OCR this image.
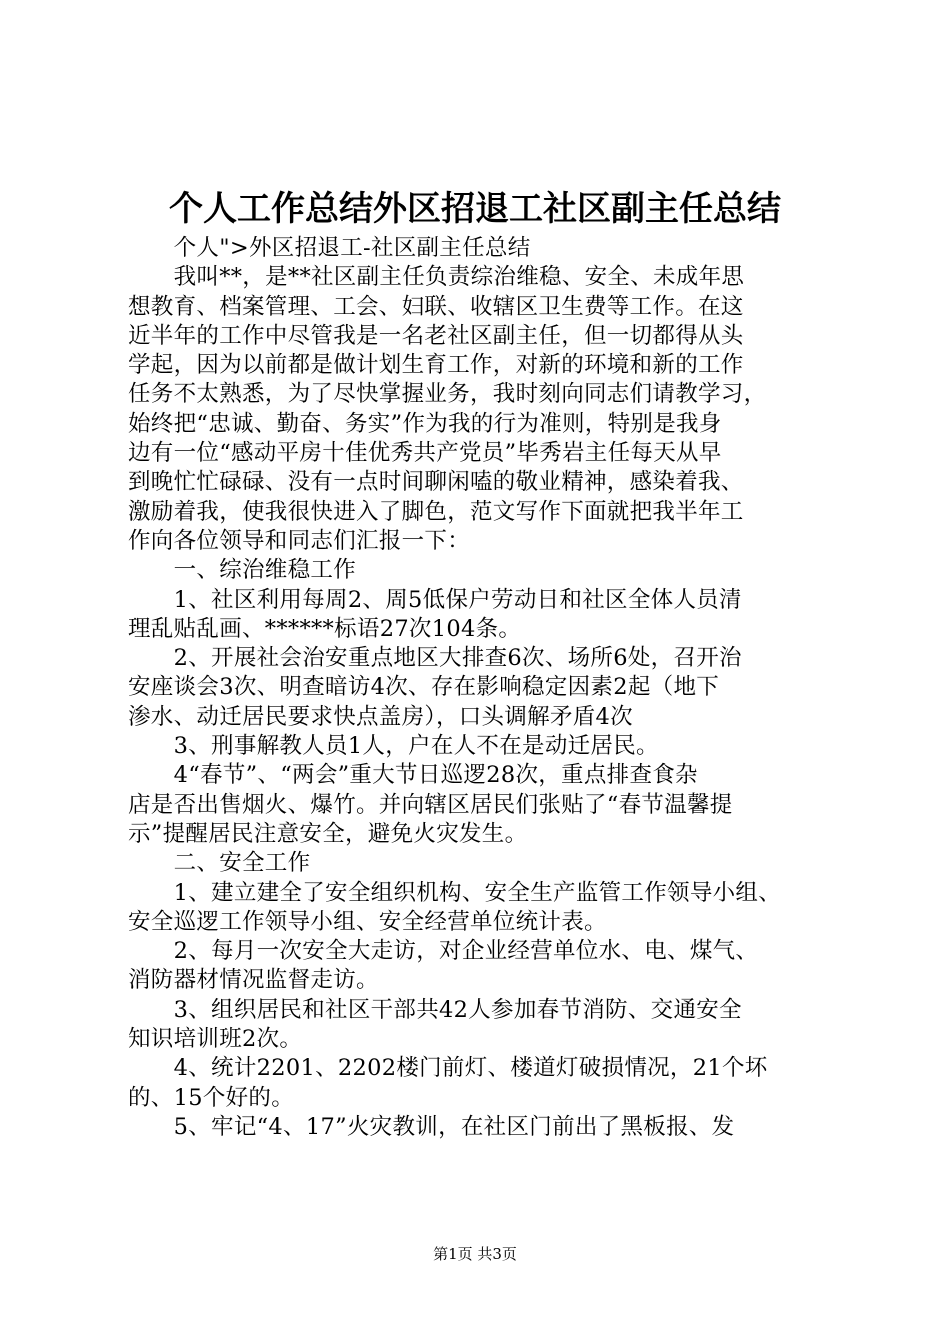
个人工作总结外区招退工社区副主任总结
　　个人">外区招退工-社区副主任总结
　　我叫**，是**社区副主任负责综治维稳、安全、未成年思
想教育、档案管理、工会、妇联、收辖区卫生费等工作。在这
近半年的工作中尽管我是一名老社区副主任，但一切都得从头
学起，因为以前都是做计划生育工作，对新的环境和新的工作
任务不太熟悉，为了尽快掌握业务，我时刻向同志们请教学习，
始终把“忠诚、勤奋、务实”作为我的行为准则，特别是我身
边有一位“感动平房十佳优秀共产党员”毕秀岩主任每天从早
到晚忙忙碌碌、没有一点时间聊闲嗑的敬业精神，感染着我、
激励着我，使我很快进入了脚色，范文写作下面就把我半年工
作向各位领导和同志们汇报一下：
　　一、综治维稳工作
　　1、社区利用每周2、周5低保户劳动日和社区全体人员清
理乱贴乱画、******标语27次104条。
　　2、开展社会治安重点地区大排查6次、场所6处，召开治
安座谈会3次、明查暗访4次、存在影响稳定因素2起（地下
渗水、动迁居民要求快点盖房），口头调解矛盾4次
　　3、刑事解教人员1人，户在人不在是动迁居民。
　　4“春节”、“两会”重大节日巡逻28次，重点排查食杂
店是否出售烟火、爆竹。并向辖区居民们张贴了“春节温馨提
示”提醒居民注意安全，避免火灾发生。
　　二、安全工作
　　1、建立建全了安全组织机构、安全生产监管工作领导小组、
安全巡逻工作领导小组、安全经营单位统计表。
　　2、每月一次安全大走访，对企业经营单位水、电、煤气、
消防器材情况监督走访。
　　3、组织居民和社区干部共42人参加春节消防、交通安全
知识培训班2次。
　　4、统计2201、2202楼门前灯、楼道灯破损情况，21个坏
的、15个好的。
　　5、牢记“4、17”火灾教训，在社区门前出了黑板报、发
第1页 共3页
